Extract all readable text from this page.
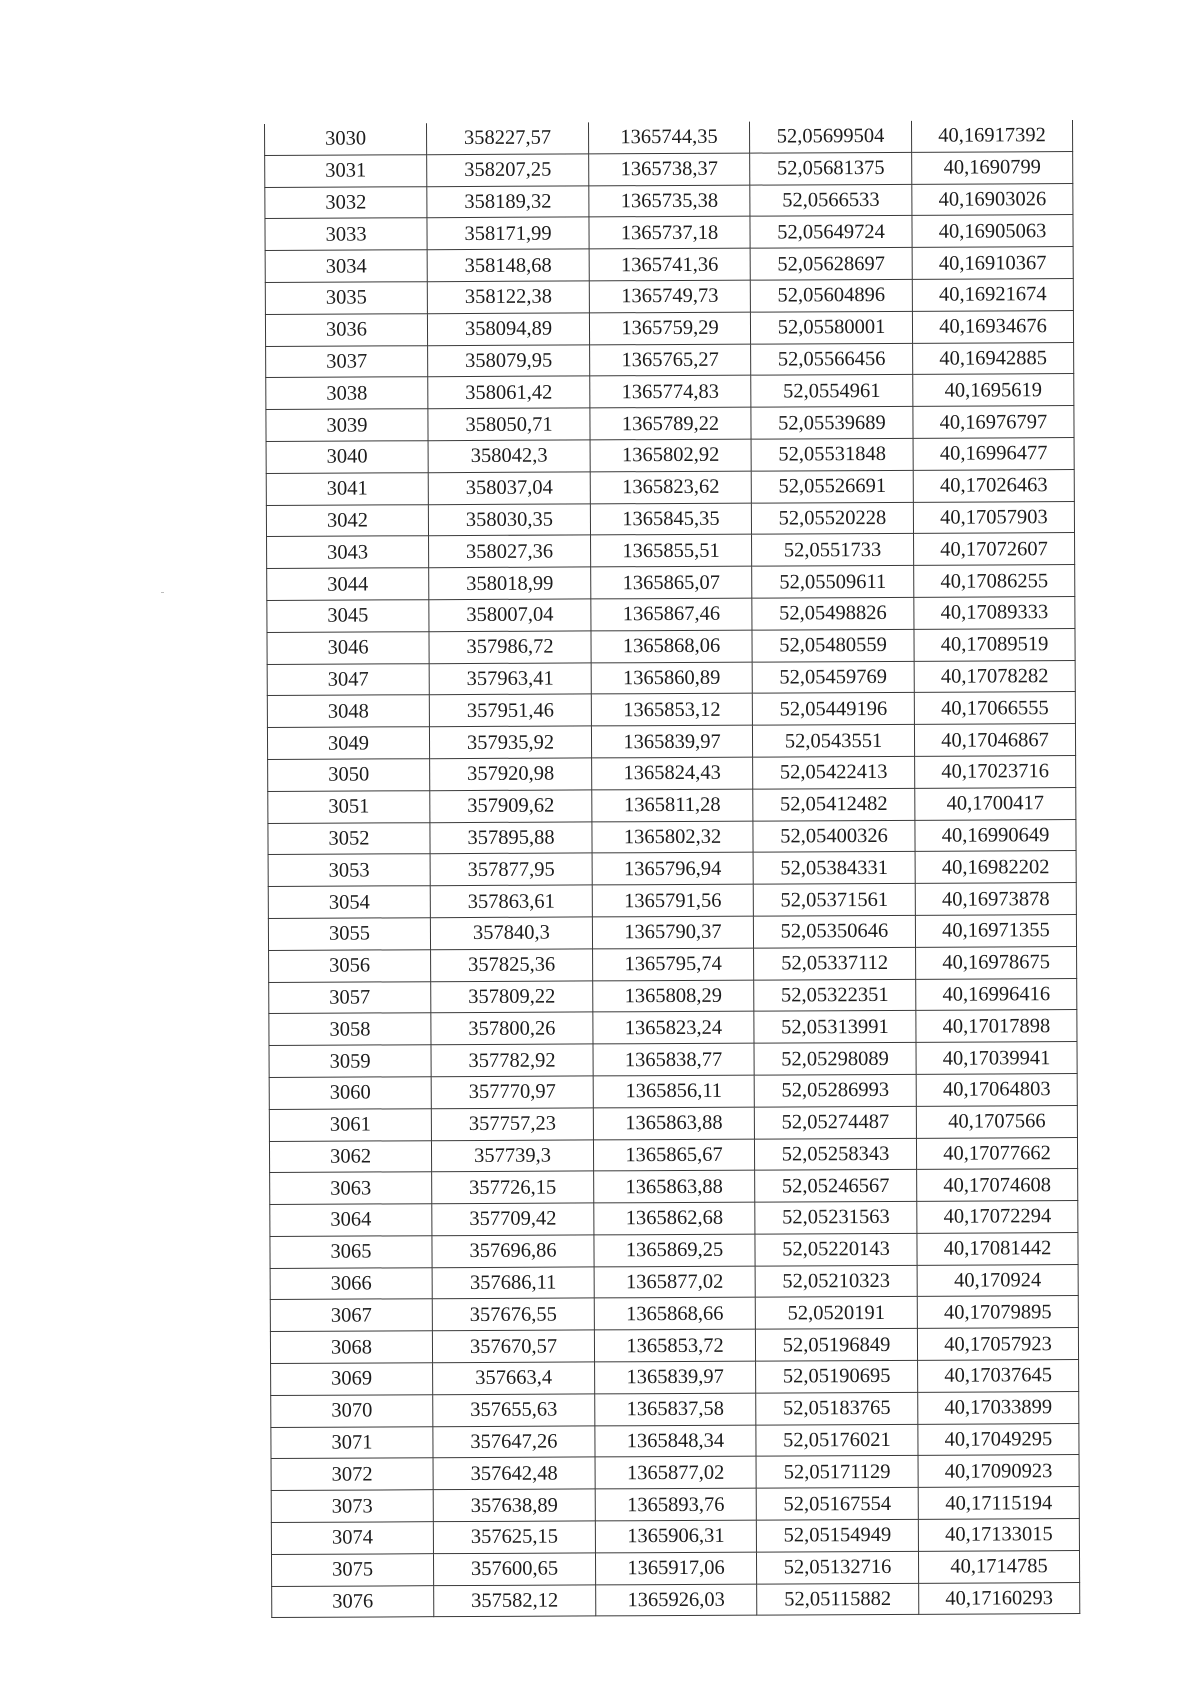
3030	358227,57	1365744,35	52,05699504	40,16917392
3031	358207,25	1365738,37	52,05681375	40,1690799
3032	358189,32	1365735,38	52,0566533	40,16903026
3033	358171,99	1365737,18	52,05649724	40,16905063
3034	358148,68	1365741,36	52,05628697	40,16910367
3035	358122,38	1365749,73	52,05604896	40,16921674
3036	358094,89	1365759,29	52,05580001	40,16934676
3037	358079,95	1365765,27	52,05566456	40,16942885
3038	358061,42	1365774,83	52,0554961	40,1695619
3039	358050,71	1365789,22	52,05539689	40,16976797
3040	358042,3	1365802,92	52,05531848	40,16996477
3041	358037,04	1365823,62	52,05526691	40,17026463
3042	358030,35	1365845,35	52,05520228	40,17057903
3043	358027,36	1365855,51	52,0551733	40,17072607
3044	358018,99	1365865,07	52,05509611	40,17086255
3045	358007,04	1365867,46	52,05498826	40,17089333
3046	357986,72	1365868,06	52,05480559	40,17089519
3047	357963,41	1365860,89	52,05459769	40,17078282
3048	357951,46	1365853,12	52,05449196	40,17066555
3049	357935,92	1365839,97	52,0543551	40,17046867
3050	357920,98	1365824,43	52,05422413	40,17023716
3051	357909,62	1365811,28	52,05412482	40,1700417
3052	357895,88	1365802,32	52,05400326	40,16990649
3053	357877,95	1365796,94	52,05384331	40,16982202
3054	357863,61	1365791,56	52,05371561	40,16973878
3055	357840,3	1365790,37	52,05350646	40,16971355
3056	357825,36	1365795,74	52,05337112	40,16978675
3057	357809,22	1365808,29	52,05322351	40,16996416
3058	357800,26	1365823,24	52,05313991	40,17017898
3059	357782,92	1365838,77	52,05298089	40,17039941
3060	357770,97	1365856,11	52,05286993	40,17064803
3061	357757,23	1365863,88	52,05274487	40,1707566
3062	357739,3	1365865,67	52,05258343	40,17077662
3063	357726,15	1365863,88	52,05246567	40,17074608
3064	357709,42	1365862,68	52,05231563	40,17072294
3065	357696,86	1365869,25	52,05220143	40,17081442
3066	357686,11	1365877,02	52,05210323	40,170924
3067	357676,55	1365868,66	52,0520191	40,17079895
3068	357670,57	1365853,72	52,05196849	40,17057923
3069	357663,4	1365839,97	52,05190695	40,17037645
3070	357655,63	1365837,58	52,05183765	40,17033899
3071	357647,26	1365848,34	52,05176021	40,17049295
3072	357642,48	1365877,02	52,05171129	40,17090923
3073	357638,89	1365893,76	52,05167554	40,17115194
3074	357625,15	1365906,31	52,05154949	40,17133015
3075	357600,65	1365917,06	52,05132716	40,1714785
3076	357582,12	1365926,03	52,05115882	40,17160293
